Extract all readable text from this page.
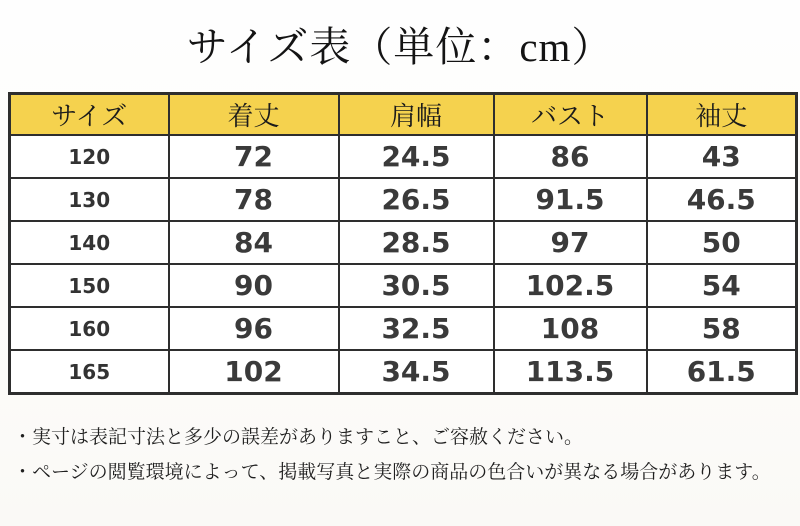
サイズ表（単位：cm）
サイズ	着丈	肩幅	バスト	袖丈
120	72	24.5	86	43
130	78	26.5	91.5	46.5
140	84	28.5	97	50
150	90	30.5	102.5	54
160	96	32.5	108	58
165	102	34.5	113.5	61.5

・実寸は表記寸法と多少の誤差がありますこと、ご容赦ください。

・ページの閲覧環境によって、掲載写真と実際の商品の色合いが異なる場合があります。
